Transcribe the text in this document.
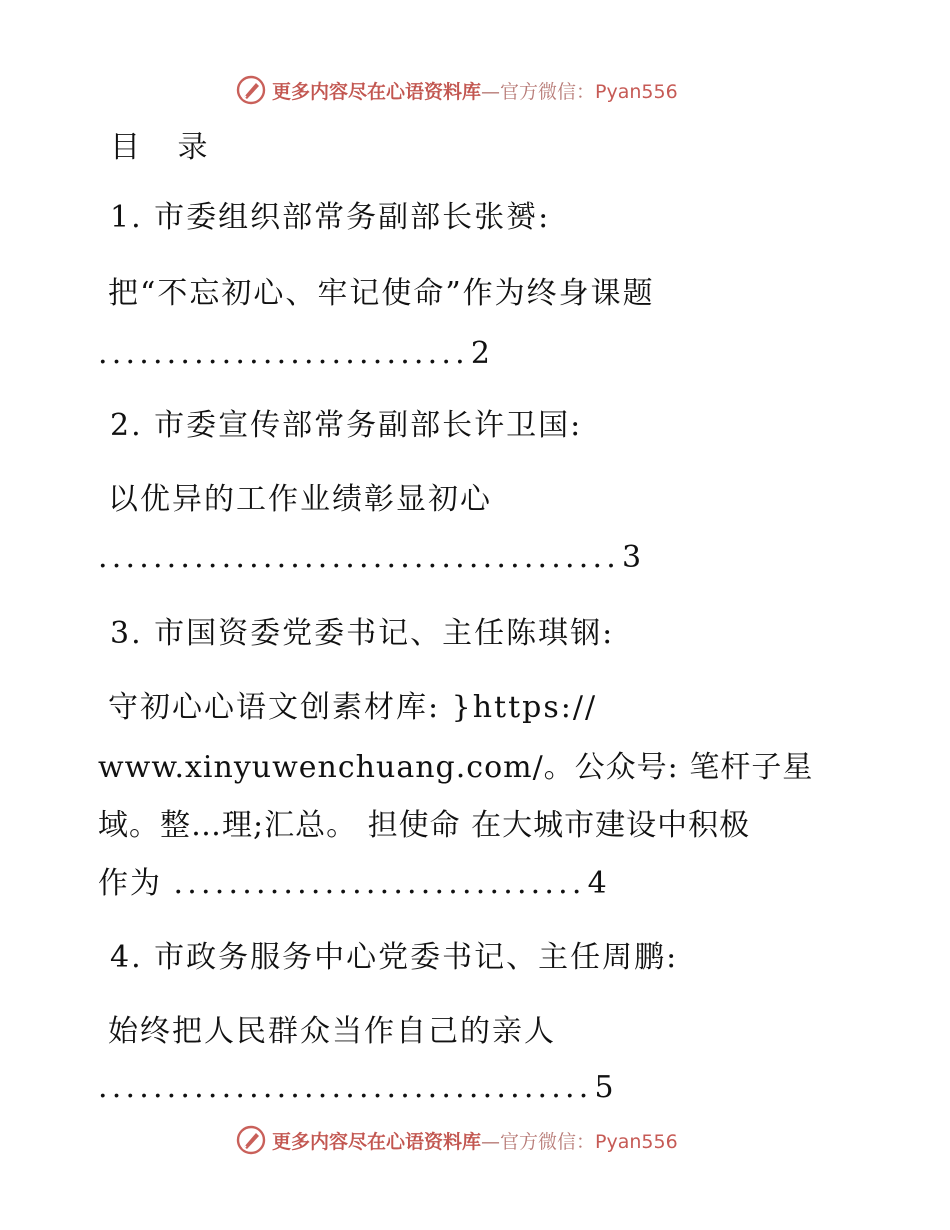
更多内容尽在心语资料库—官方微信：Pyan556
目 录
1. 市委组织部常务副部长张赟:
把“不忘初心、牢记使命”作为终身课题
...........................2
2. 市委宣传部常务副部长许卫国:
以优异的工作业绩彰显初心
......................................3
3. 市国资委党委书记、主任陈琪钢:
守初心心语文创素材库: }https://
www.xinyuwenchuang.com/。公众号: 笔杆子星
域。整…理;汇总。 担使命 在大城市建设中积极
作为 ..............................4
4. 市政务服务中心党委书记、主任周鹏:
始终把人民群众当作自己的亲人
....................................5
更多内容尽在心语资料库—官方微信：Pyan556
